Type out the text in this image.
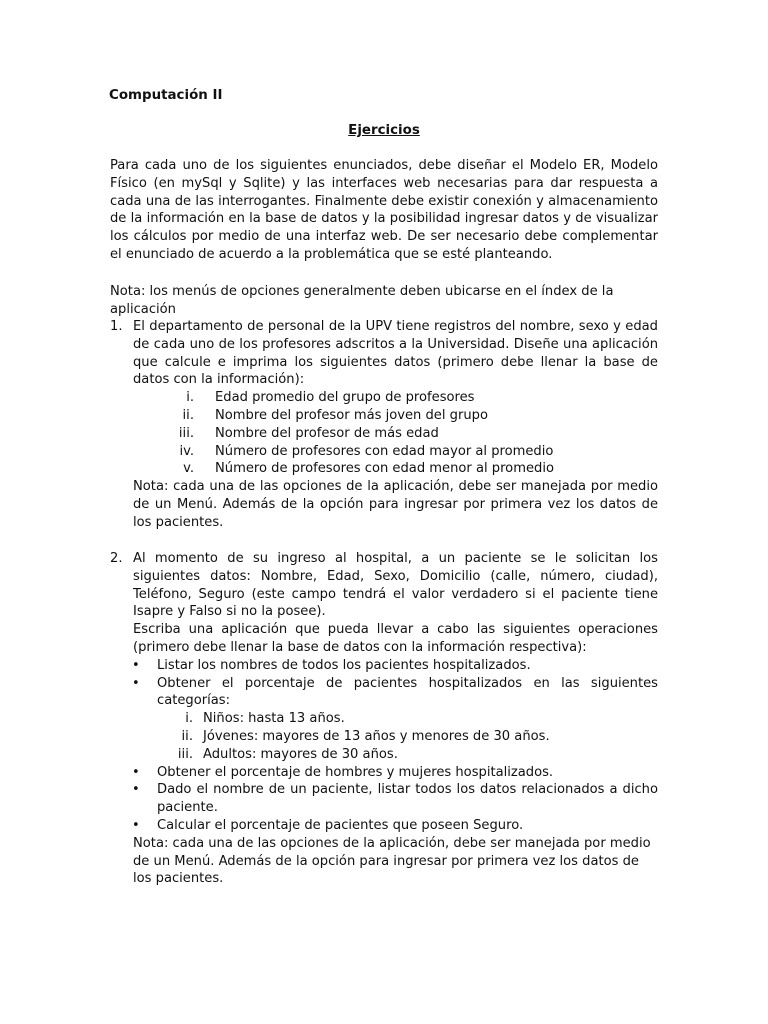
Computación II
Ejercicios

Para cada uno de los siguientes enunciados, debe diseñar el Modelo ER, Modelo Físico (en mySql y Sqlite) y las interfaces web necesarias para dar respuesta a cada una de las interrogantes. Finalmente debe existir conexión y almacenamiento de la información en la base de datos y la posibilidad ingresar datos y de visualizar los cálculos por medio de una interfaz web. De ser necesario debe complementar el enunciado de acuerdo a la problemática que se esté planteando.

Nota: los menús de opciones generalmente deben ubicarse en el índex de la aplicación

1. El departamento de personal de la UPV tiene registros del nombre, sexo y edad de cada uno de los profesores adscritos a la Universidad. Diseñe una aplicación que calcule e imprima los siguientes datos (primero debe llenar la base de datos con la información):

i. Edad promedio del grupo de profesores
ii. Nombre del profesor más joven del grupo
iii. Nombre del profesor de más edad
iv. Número de profesores con edad mayor al promedio
v. Número de profesores con edad menor al promedio

Nota: cada una de las opciones de la aplicación, debe ser manejada por medio de un Menú. Además de la opción para ingresar por primera vez los datos de los pacientes.

2. Al momento de su ingreso al hospital, a un paciente se le solicitan los siguientes datos: Nombre, Edad, Sexo, Domicilio (calle, número, ciudad), Teléfono, Seguro (este campo tendrá el valor verdadero si el paciente tiene Isapre y Falso si no la posee).

Escriba una aplicación que pueda llevar a cabo las siguientes operaciones (primero debe llenar la base de datos con la información respectiva):

• Listar los nombres de todos los pacientes hospitalizados.
• Obtener el porcentaje de pacientes hospitalizados en las siguientes categorías:
i. Niños: hasta 13 años.
ii. Jóvenes: mayores de 13 años y menores de 30 años.
iii. Adultos: mayores de 30 años.
• Obtener el porcentaje de hombres y mujeres hospitalizados.
• Dado el nombre de un paciente, listar todos los datos relacionados a dicho paciente.
• Calcular el porcentaje de pacientes que poseen Seguro.

Nota: cada una de las opciones de la aplicación, debe ser manejada por medio de un Menú. Además de la opción para ingresar por primera vez los datos de los pacientes.
